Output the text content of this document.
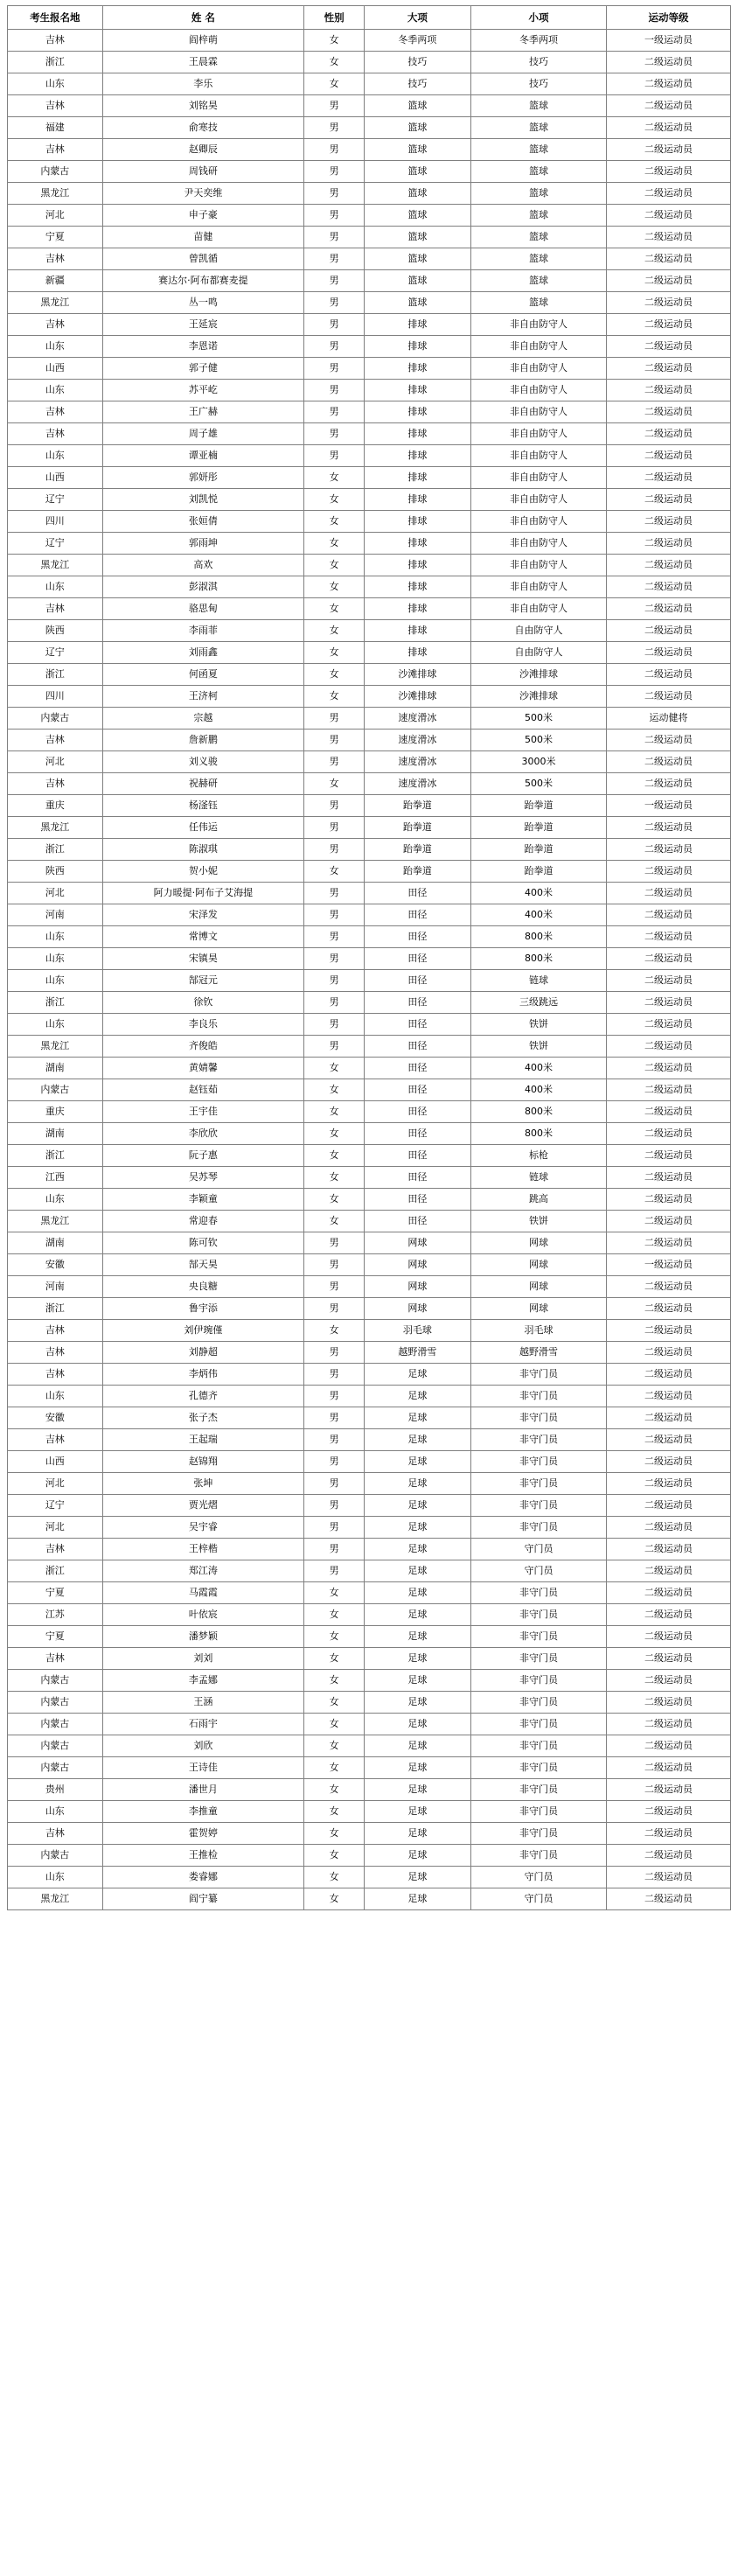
考生报名地	姓 名	性别	大项	小项	运动等级
吉林	阎梓萌	女	冬季两项	冬季两项	一级运动员
浙江	王晨霖	女	技巧	技巧	二级运动员
山东	李乐	女	技巧	技巧	二级运动员
吉林	刘铭昊	男	篮球	篮球	二级运动员
福建	俞寒技	男	篮球	篮球	二级运动员
吉林	赵卿辰	男	篮球	篮球	二级运动员
内蒙古	周钱研	男	篮球	篮球	二级运动员
黑龙江	尹天奕维	男	篮球	篮球	二级运动员
河北	申子豪	男	篮球	篮球	二级运动员
宁夏	苗健	男	篮球	篮球	二级运动员
吉林	曾凯循	男	篮球	篮球	二级运动员
新疆	赛达尔·阿布都赛麦提	男	篮球	篮球	二级运动员
黑龙江	丛一鸣	男	篮球	篮球	二级运动员
吉林	王延宸	男	排球	非自由防守人	二级运动员
山东	李恩诺	男	排球	非自由防守人	二级运动员
山西	郭子健	男	排球	非自由防守人	二级运动员
山东	苏平屹	男	排球	非自由防守人	二级运动员
吉林	王广赫	男	排球	非自由防守人	二级运动员
吉林	周子雄	男	排球	非自由防守人	二级运动员
山东	谭亚楠	男	排球	非自由防守人	二级运动员
山西	郭妍彤	女	排球	非自由防守人	二级运动员
辽宁	刘凯悦	女	排球	非自由防守人	二级运动员
四川	张姮倩	女	排球	非自由防守人	二级运动员
辽宁	郭雨坤	女	排球	非自由防守人	二级运动员
黑龙江	高欢	女	排球	非自由防守人	二级运动员
山东	彭淑淇	女	排球	非自由防守人	二级运动员
吉林	骆思甸	女	排球	非自由防守人	二级运动员
陕西	李雨菲	女	排球	自由防守人	二级运动员
辽宁	刘雨鑫	女	排球	自由防守人	二级运动员
浙江	何函夏	女	沙滩排球	沙滩排球	二级运动员
四川	王济柯	女	沙滩排球	沙滩排球	二级运动员
内蒙古	宗越	男	速度滑冰	500米	运动健将
吉林	詹新鹏	男	速度滑冰	500米	二级运动员
河北	刘义骏	男	速度滑冰	3000米	二级运动员
吉林	祝赫研	女	速度滑冰	500米	二级运动员
重庆	杨滏钰	男	跆拳道	跆拳道	一级运动员
黑龙江	任伟运	男	跆拳道	跆拳道	二级运动员
浙江	陈淑琪	男	跆拳道	跆拳道	二级运动员
陕西	贺小妮	女	跆拳道	跆拳道	二级运动员
河北	阿力暖提·阿布子艾海提	男	田径	400米	二级运动员
河南	宋泽发	男	田径	400米	二级运动员
山东	常博文	男	田径	800米	二级运动员
山东	宋镇昊	男	田径	800米	二级运动员
山东	郜冠元	男	田径	链球	二级运动员
浙江	徐钦	男	田径	三级跳远	二级运动员
山东	李良乐	男	田径	铁饼	二级运动员
黑龙江	齐俊皓	男	田径	铁饼	二级运动员
湖南	黄婧馨	女	田径	400米	二级运动员
内蒙古	赵钰茹	女	田径	400米	二级运动员
重庆	王宇佳	女	田径	800米	二级运动员
湖南	李欣欣	女	田径	800米	二级运动员
浙江	阮子惠	女	田径	标枪	二级运动员
江西	吴苏琴	女	田径	链球	二级运动员
山东	李颖童	女	田径	跳高	二级运动员
黑龙江	常迎春	女	田径	铁饼	二级运动员
湖南	陈可钦	男	网球	网球	二级运动员
安徽	郜天昊	男	网球	网球	一级运动员
河南	央良糖	男	网球	网球	二级运动员
浙江	鲁宇添	男	网球	网球	二级运动员
吉林	刘伊琬僅	女	羽毛球	羽毛球	二级运动员
吉林	刘静超	男	越野滑雪	越野滑雪	二级运动员
吉林	李炳伟	男	足球	非守门员	二级运动员
山东	孔德齐	男	足球	非守门员	二级运动员
安徽	张子杰	男	足球	非守门员	二级运动员
吉林	王起瑞	男	足球	非守门员	二级运动员
山西	赵锦翔	男	足球	非守门员	二级运动员
河北	张坤	男	足球	非守门员	二级运动员
辽宁	贾光熠	男	足球	非守门员	二级运动员
河北	吴宇睿	男	足球	非守门员	二级运动员
吉林	王梓楷	男	足球	守门员	二级运动员
浙江	郑江涛	男	足球	守门员	二级运动员
宁夏	马霞霞	女	足球	非守门员	二级运动员
江苏	叶依宸	女	足球	非守门员	二级运动员
宁夏	潘梦颖	女	足球	非守门员	二级运动员
吉林	刘刘	女	足球	非守门员	二级运动员
内蒙古	李孟娜	女	足球	非守门员	二级运动员
内蒙古	王涵	女	足球	非守门员	二级运动员
内蒙古	石雨宇	女	足球	非守门员	二级运动员
内蒙古	刘欣	女	足球	非守门员	二级运动员
内蒙古	王诗佳	女	足球	非守门员	二级运动员
贵州	潘世月	女	足球	非守门员	二级运动员
山东	李推童	女	足球	非守门员	二级运动员
吉林	霍贺婷	女	足球	非守门员	二级运动员
内蒙古	王推检	女	足球	非守门员	二级运动员
山东	娄睿娜	女	足球	守门员	二级运动员
黑龙江	阎宁纂	女	足球	守门员	二级运动员
